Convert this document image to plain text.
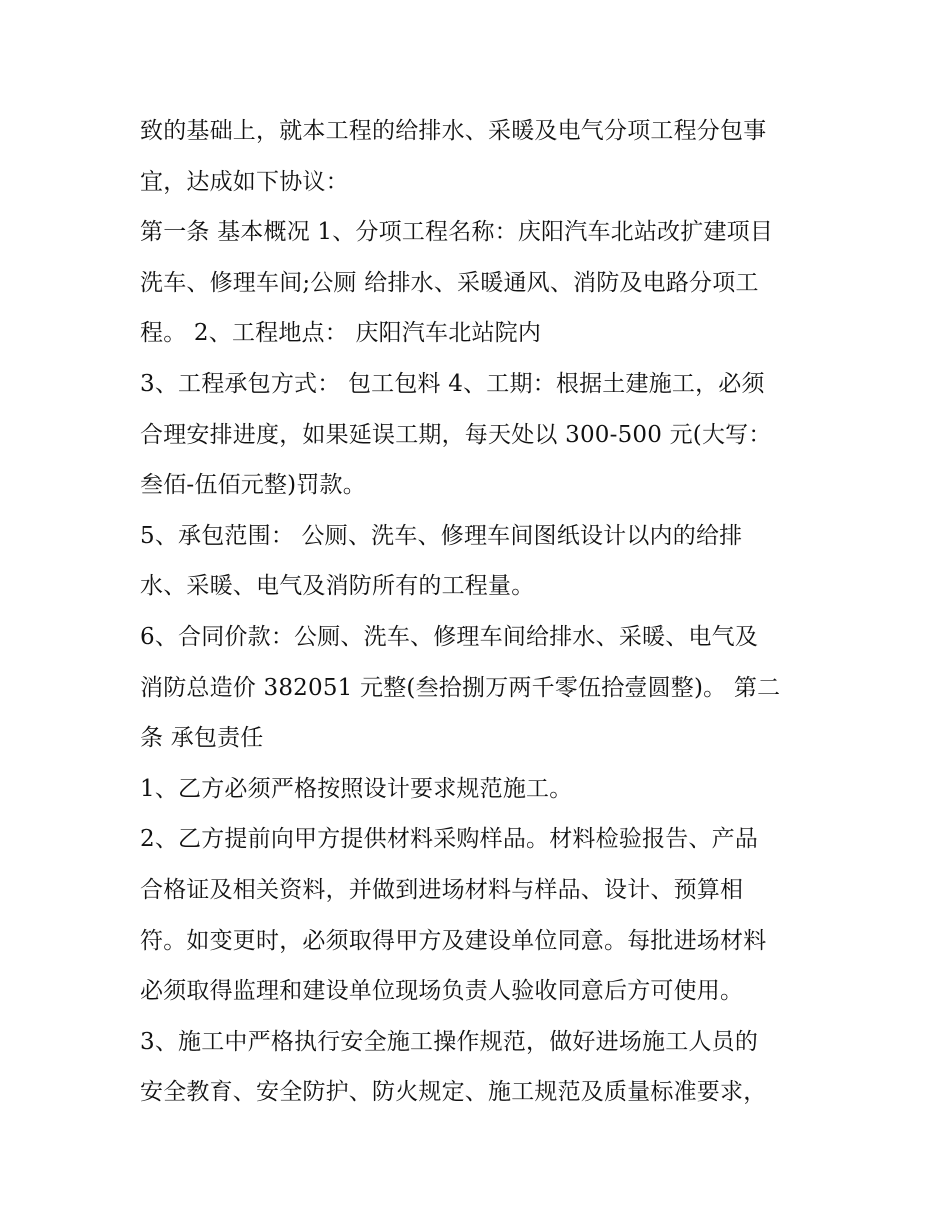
致的基础上，就本工程的给排水、采暖及电气分项工程分包事
宜，达成如下协议：
第一条 基本概况 1、分项工程名称：庆阳汽车北站改扩建项目
洗车、修理车间;公厕 给排水、采暖通风、消防及电路分项工
程。 2、工程地点： 庆阳汽车北站院内
3、工程承包方式： 包工包料 4、工期：根据土建施工，必须
合理安排进度，如果延误工期，每天处以 300-500 元(大写：
叁佰-伍佰元整)罚款。
5、承包范围： 公厕、洗车、修理车间图纸设计以内的给排
水、采暖、电气及消防所有的工程量。
6、合同价款：公厕、洗车、修理车间给排水、采暖、电气及
消防总造价 382051 元整(叁拾捌万两千零伍拾壹圆整)。 第二
条 承包责任
1、乙方必须严格按照设计要求规范施工。
2、乙方提前向甲方提供材料采购样品。材料检验报告、产品
合格证及相关资料，并做到进场材料与样品、设计、预算相
符。如变更时，必须取得甲方及建设单位同意。每批进场材料
必须取得监理和建设单位现场负责人验收同意后方可使用。
3、施工中严格执行安全施工操作规范，做好进场施工人员的
安全教育、安全防护、防火规定、施工规范及质量标准要求，
